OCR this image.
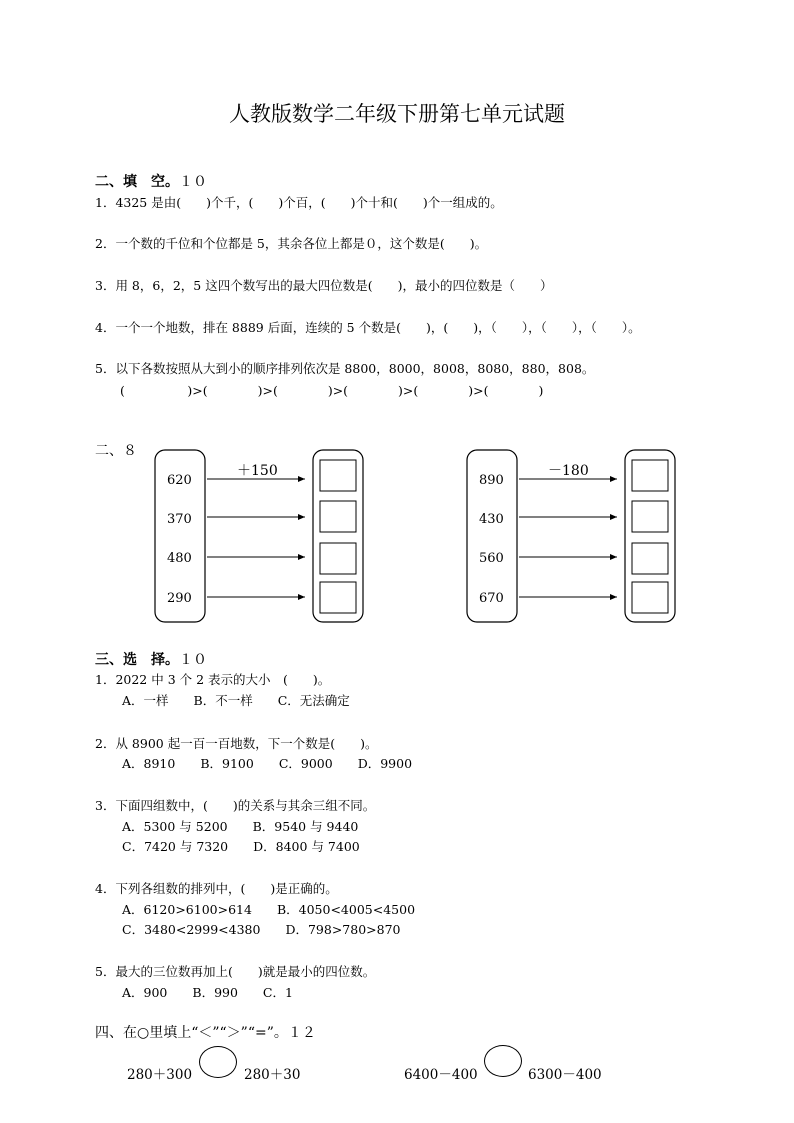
人教版数学二年级下册第七单元试题
二、填　空。１０
1．4325 是由(　　)个千，(　　)个百，(　　)个十和(　　)个一组成的。
2．一个数的千位和个位都是 5，其余各位上都是０，这个数是(　　)。
3．用 8，6，2，5 这四个数写出的最大四位数是(　　)，最小的四位数是（　　）
4．一个一个地数，排在 8889 后面，连续的 5 个数是(　　)，(　　)，（　　），（　　），（　　）。
5．以下各数按照从大到小的顺序排列依次是 8800，8000，8008，8080，880，808。
(　　　　　)>(　　　　)>(　　　　)>(　　　　)>(　　　　)>(　　　　)
二、８
＋150
620
370
480
290
－180
890
430
560
670
三、选　择。１０
1．2022 中 3 个 2 表示的大小　(　　)。
A．一样　　B．不一样　　C．无法确定
2．从 8900 起一百一百地数，下一个数是(　　)。
A．8910　　B．9100　　C．9000　　D．9900
3．下面四组数中，(　　)的关系与其余三组不同。
A．5300 与 5200　　B．9540 与 9440
C．7420 与 7320　　D．8400 与 7400
4．下列各组数的排列中，(　　)是正确的。
A．6120>6100>614　　B．4050<4005<4500
C．3480<2999<4380　　D．798>780>870
5．最大的三位数再加上(　　)就是最小的四位数。
A．900　　B．990　　C．1
四、在○里填上“＜”“＞”“=”。１２
280＋300	280＋30	6400－400	6300－400
